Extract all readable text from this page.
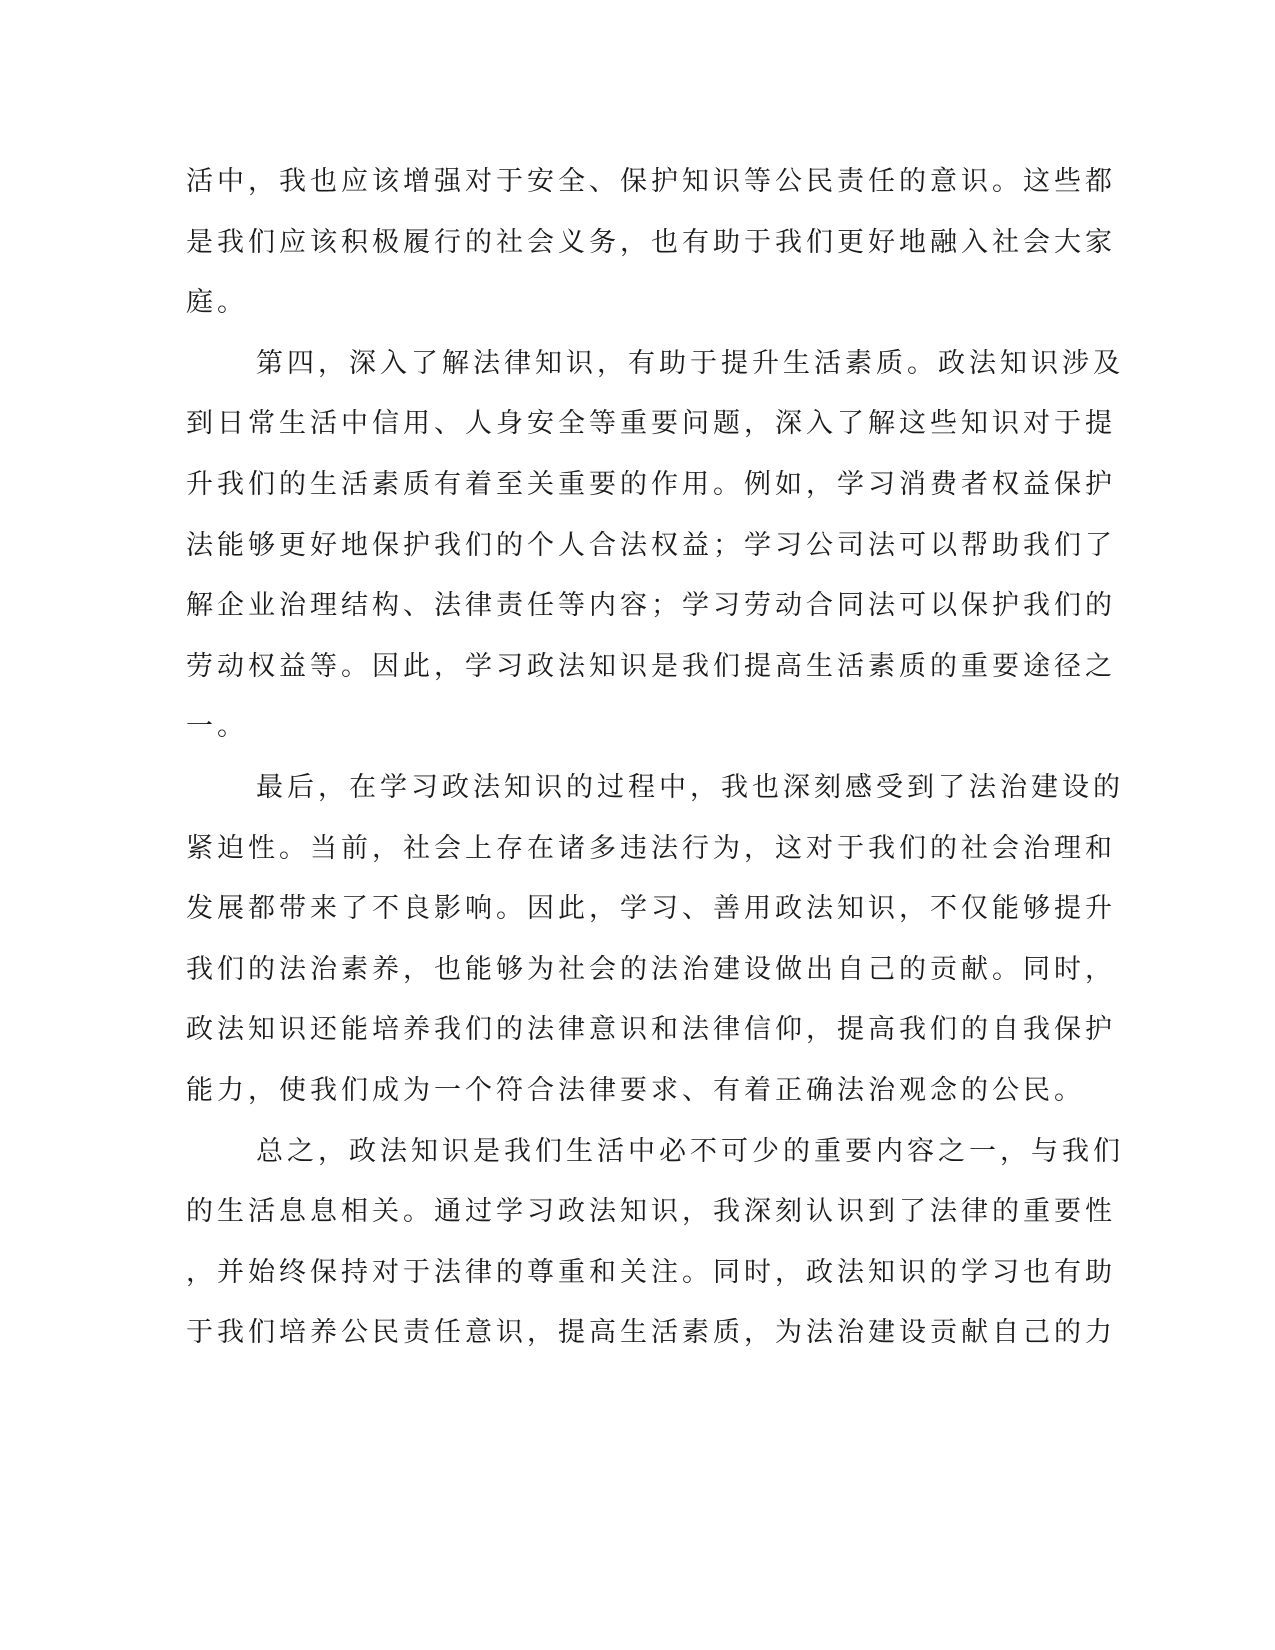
活中，我也应该增强对于安全、保护知识等公民责任的意识。这些都
是我们应该积极履行的社会义务，也有助于我们更好地融入社会大家
庭。
第四，深入了解法律知识，有助于提升生活素质。政法知识涉及
到日常生活中信用、人身安全等重要问题，深入了解这些知识对于提
升我们的生活素质有着至关重要的作用。例如，学习消费者权益保护
法能够更好地保护我们的个人合法权益；学习公司法可以帮助我们了
解企业治理结构、法律责任等内容；学习劳动合同法可以保护我们的
劳动权益等。因此，学习政法知识是我们提高生活素质的重要途径之
一。
最后，在学习政法知识的过程中，我也深刻感受到了法治建设的
紧迫性。当前，社会上存在诸多违法行为，这对于我们的社会治理和
发展都带来了不良影响。因此，学习、善用政法知识，不仅能够提升
我们的法治素养，也能够为社会的法治建设做出自己的贡献。同时，
政法知识还能培养我们的法律意识和法律信仰，提高我们的自我保护
能力，使我们成为一个符合法律要求、有着正确法治观念的公民。
总之，政法知识是我们生活中必不可少的重要内容之一，与我们
的生活息息相关。通过学习政法知识，我深刻认识到了法律的重要性
，并始终保持对于法律的尊重和关注。同时，政法知识的学习也有助
于我们培养公民责任意识，提高生活素质，为法治建设贡献自己的力
